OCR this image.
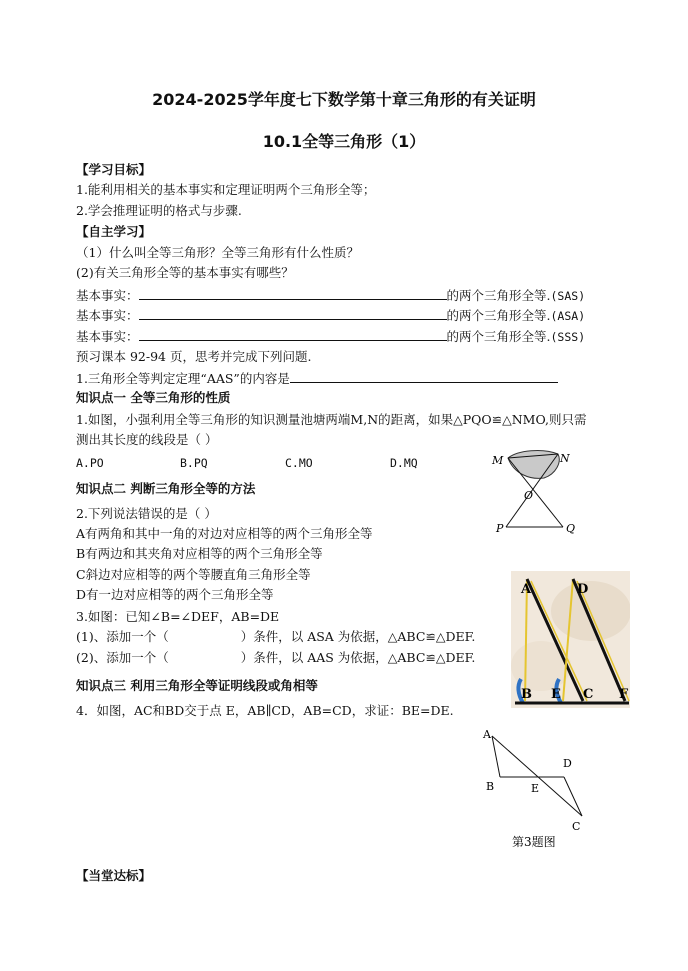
2024-2025学年度七下数学第十章三角形的有关证明
10.1全等三角形（1）
【学习目标】
1.能利用相关的基本事实和定理证明两个三角形全等；
2.学会推理证明的格式与步骤.
【自主学习】
（1）什么叫全等三角形？全等三角形有什么性质？
(2)有关三角形全等的基本事实有哪些？
基本事实：	的两个三角形全等.(SAS)
基本事实：	的两个三角形全等.(ASA)
基本事实：	的两个三角形全等.(SSS)
预习课本 92-94 页，思考并完成下列问题.
1.三角形全等判定定理“AAS”的内容是
知识点一 全等三角形的性质
1.如图，小强利用全等三角形的知识测量池塘两端M,N的距离，如果△PQO≌△NMO,则只需
测出其长度的线段是（ ）
A.PO	B.PQ	C.MO	D.MQ
知识点二 判断三角形全等的方法
2.下列说法错误的是（ ）
A有两角和其中一角的对边对应相等的两个三角形全等
B有两边和其夹角对应相等的两个三角形全等
C斜边对应相等的两个等腰直角三角形全等
D有一边对应相等的两个三角形全等
3.如图：已知∠B=∠DEF，AB=DE
(1)、添加一个（	）条件，以 ASA 为依据，△ABC≌△DEF.
(2)、添加一个（	）条件，以 AAS 为依据，△ABC≌△DEF.
知识点三 利用三角形全等证明线段或角相等
4．如图，AC和BD交于点 E，AB∥CD，AB=CD，求证：BE=DE.
【当堂达标】
M	N
O
P	Q
A	D
B E C F
A
B	E
D
C
第3题图
